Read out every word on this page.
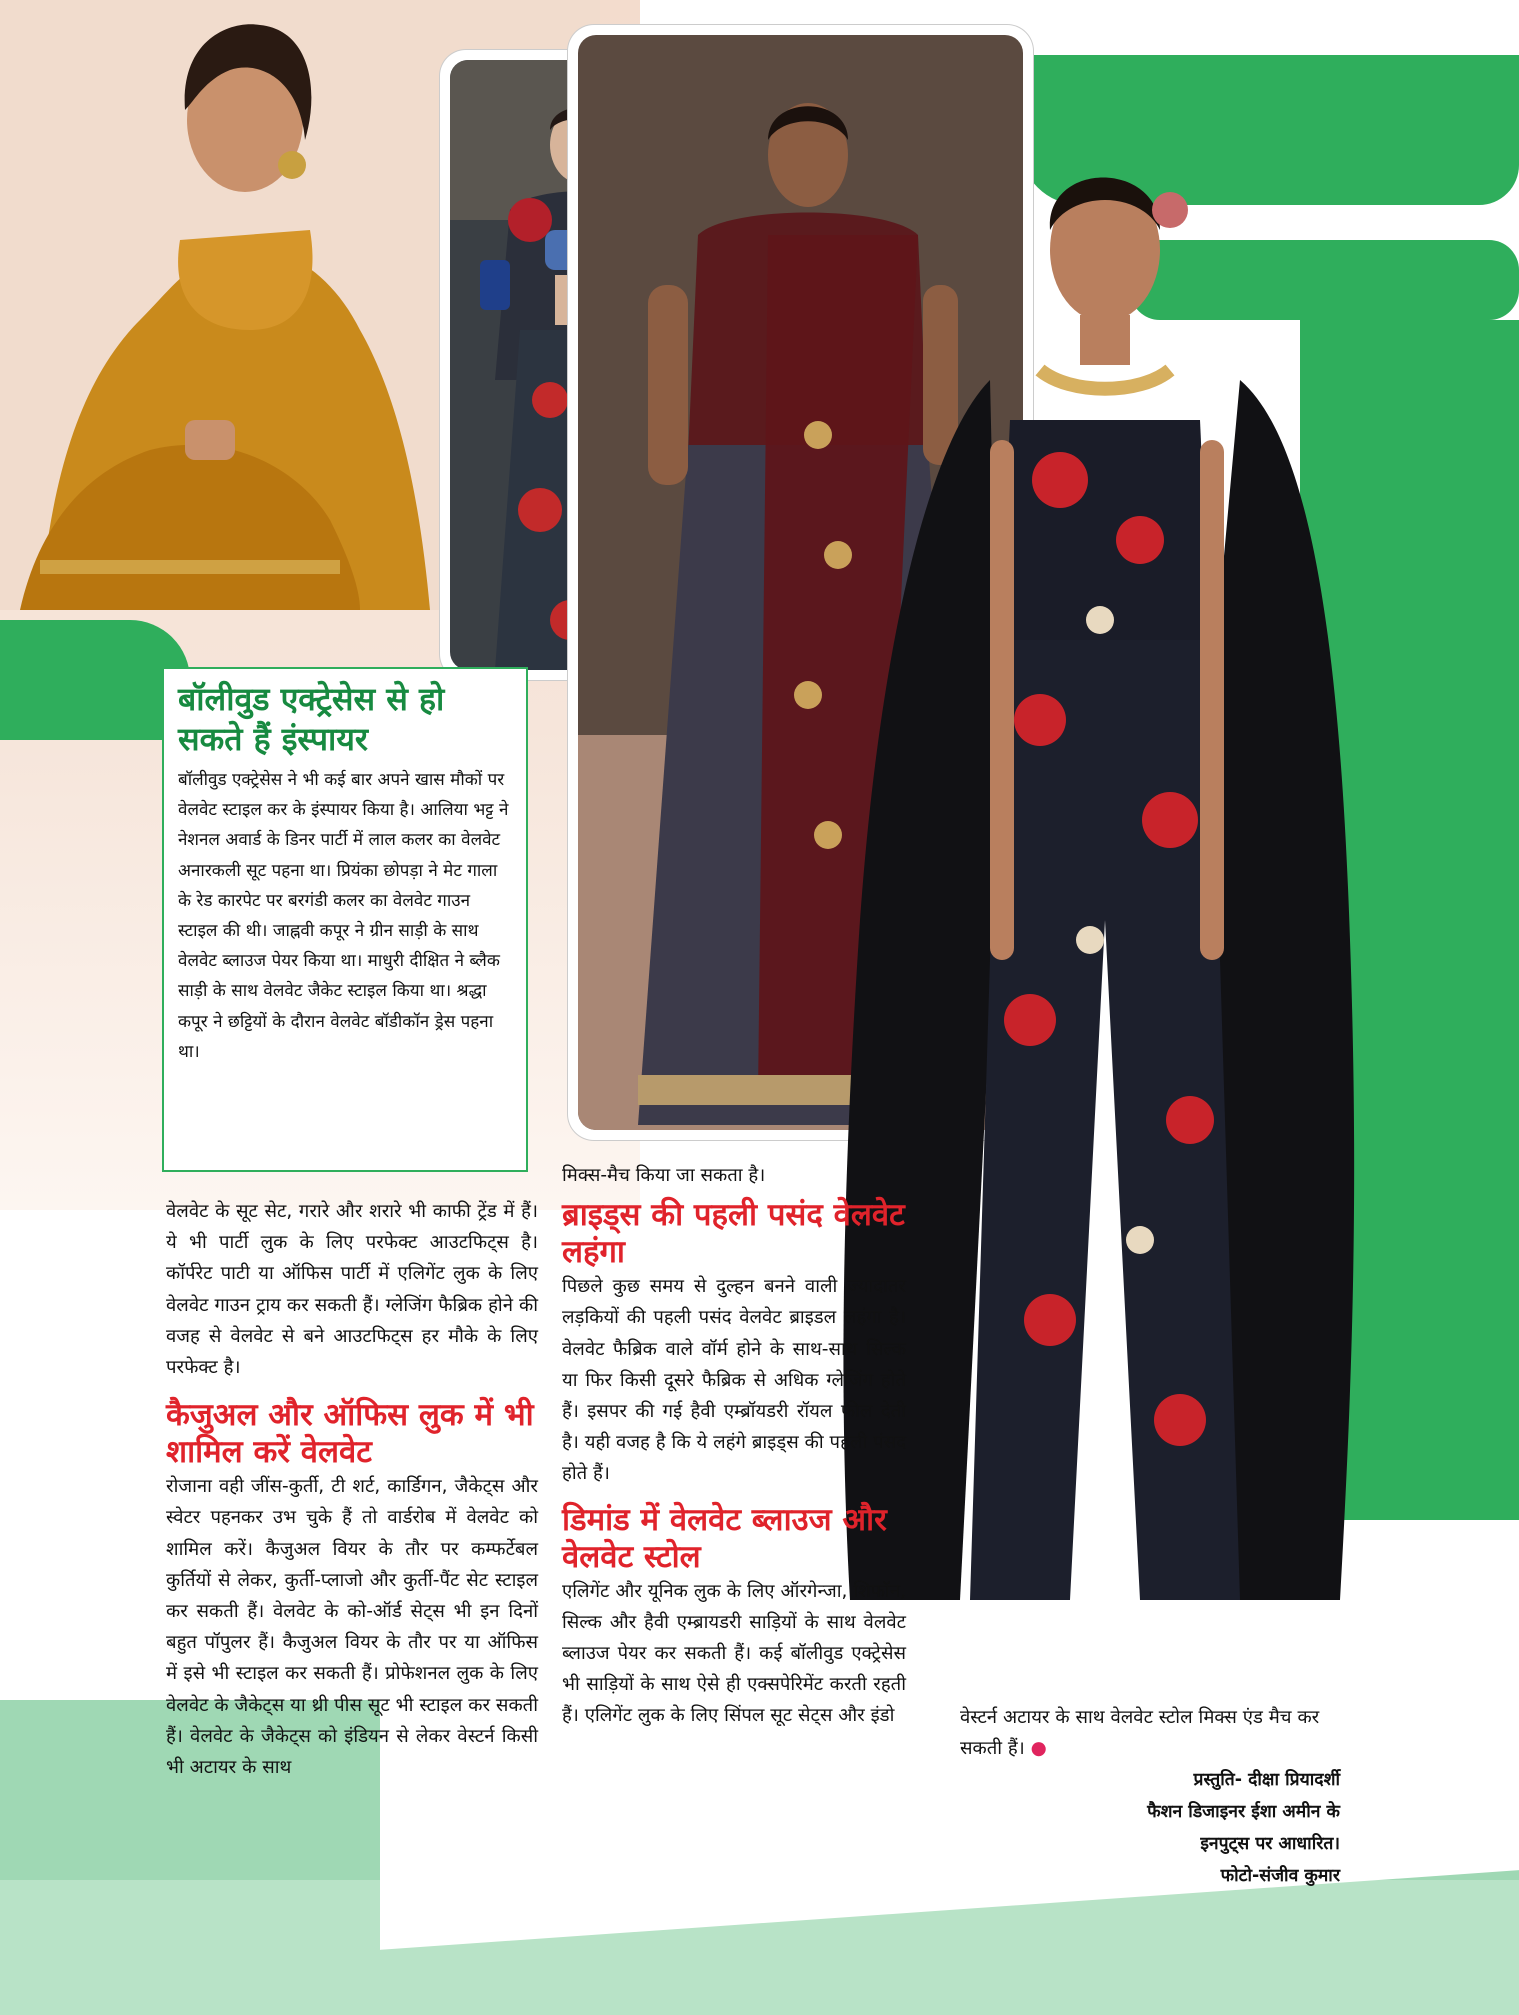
बॉलीवुड एक्ट्रेसेस से हो सकते हैं इंस्पायर

बॉलीवुड एक्ट्रेसेस ने भी कई बार अपने खास मौकों पर वेलवेट स्टाइल कर के इंस्पायर किया है। आलिया भट्ट ने नेशनल अवार्ड के डिनर पार्टी में लाल कलर का वेलवेट अनारकली सूट पहना था। प्रियंका छोपड़ा ने मेट गाला के रेड कारपेट पर बरगंडी कलर का वेलवेट गाउन स्टाइल की थी। जाह्नवी कपूर ने ग्रीन साड़ी के साथ वेलवेट ब्लाउज पेयर किया था। माधुरी दीक्षित ने ब्लैक साड़ी के साथ वेलवेट जैकेट स्टाइल किया था। श्रद्धा कपूर ने छट्टियों के दौरान वेलवेट बॉडीकॉन ड्रेस पहना था।

वेलवेट के सूट सेट, गरारे और शरारे भी काफी ट्रेंड में हैं। ये भी पार्टी लुक के लिए परफेक्ट आउटफिट्स है। कॉर्परेट पाटी या ऑफिस पार्टी में एलिगेंट लुक के लिए वेलवेट गाउन ट्राय कर सकती हैं। ग्लेजिंग फैब्रिक होने की वजह से वेलवेट से बने आउटफिट्स हर मौके के लिए परफेक्ट है।

कैजुअल और ऑफिस लुक में भी शामिल करें वेलवेट

रोजाना वही जींस-कुर्ती, टी शर्ट, कार्डिगन, जैकेट्स और स्वेटर पहनकर उभ चुके हैं तो वार्डरोब में वेलवेट को शामिल करें। कैजुअल वियर के तौर पर कम्फर्टेबल कुर्तियों से लेकर, कुर्ती-प्लाजो और कुर्ती-पैंट सेट स्टाइल कर सकती हैं। वेलवेट के को-ऑर्ड सेट्स भी इन दिनों बहुत पॉपुलर हैं। कैजुअल वियर के तौर पर या ऑफिस में इसे भी स्टाइल कर सकती हैं। प्रोफेशनल लुक के लिए वेलवेट के जैकेट्स या थ्री पीस सूट भी स्टाइल कर सकती हैं। वेलवेट के जैकेट्स को इंडियन से लेकर वेस्टर्न किसी भी अटायर के साथ

मिक्स-मैच किया जा सकता है।

ब्राइड्स की पहली पसंद वेलवेट लहंगा

पिछले कुछ समय से दुल्हन बनने वाली ज्यादातर लड़कियों की पहली पसंद वेलवेट ब्राइडल लहंगा है। वेलवेट फैब्रिक वाले वॉर्म होने के साथ-साथ सिल्क या फिर किसी दूसरे फैब्रिक से अधिक ग्लेजिंग होते हैं। इसपर की गई हैवी एम्ब्रॉयडरी रॉयल फील देती है। यही वजह है कि ये लहंगे ब्राइड्स की पहली पंसद होते हैं।

डिमांड में वेलवेट ब्लाउज और वेलवेट स्टोल

एलिगेंट और यूनिक लुक के लिए ऑरगेन्जा, शिफॉन, सिल्क और हैवी एम्ब्रायडरी साड़ियों के साथ वेलवेट ब्लाउज पेयर कर सकती हैं। कई बॉलीवुड एक्ट्रेसेस भी साड़ियों के साथ ऐसे ही एक्सपेरिमेंट करती रहती हैं। एलिगेंट लुक के लिए सिंपल सूट सेट्स और इंडो	वेस्टर्न अटायर के साथ वेलवेट स्टोल मिक्स एंड मैच कर सकती हैं। ●

प्रस्तुति- दीक्षा प्रियादर्शी
फैशन डिजाइनर ईशा अमीन के
इनपुट्स पर आधारित।
फोटो-संजीव कुमार
